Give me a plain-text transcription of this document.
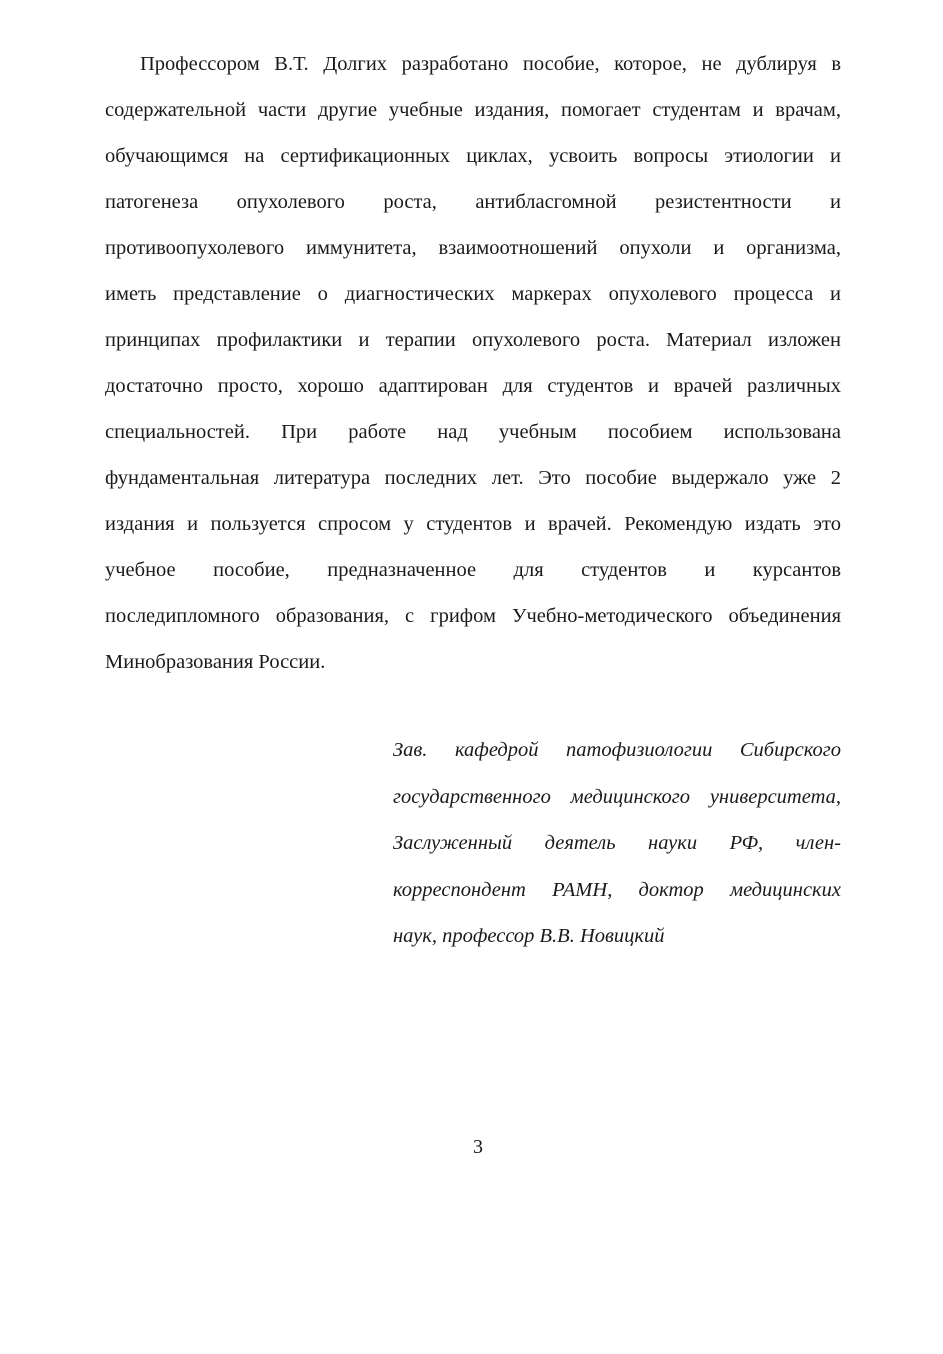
Профессором В.Т. Долгих разработано пособие, которое, не дублируя в
содержательной части другие учебные издания, помогает студентам и врачам,
обучающимся на сертификационных циклах, усвоить вопросы этиологии и
патогенеза опухолевого роста, антибласгомной резистентности и
противоопухолевого иммунитета, взаимоотношений опухоли и организма,
иметь представление о диагностических маркерах опухолевого процесса и
принципах профилактики и терапии опухолевого роста. Материал изложен
достаточно просто, хорошо адаптирован для студентов и врачей различных
специальностей. При работе над учебным пособием использована
фундаментальная литература последних лет. Это пособие выдержало уже 2
издания и пользуется спросом у студентов и врачей. Рекомендую издать это
учебное пособие, предназначенное для студентов и курсантов
последипломного образования, с грифом Учебно-методического объединения
Минобразования России.
Зав. кафедрой патофизиологии Сибирского
государственного медицинского университета,
Заслуженный деятель науки РФ, член-
корреспондент РАМН, доктор медицинских
наук, профессор В.В. Новицкий
3
